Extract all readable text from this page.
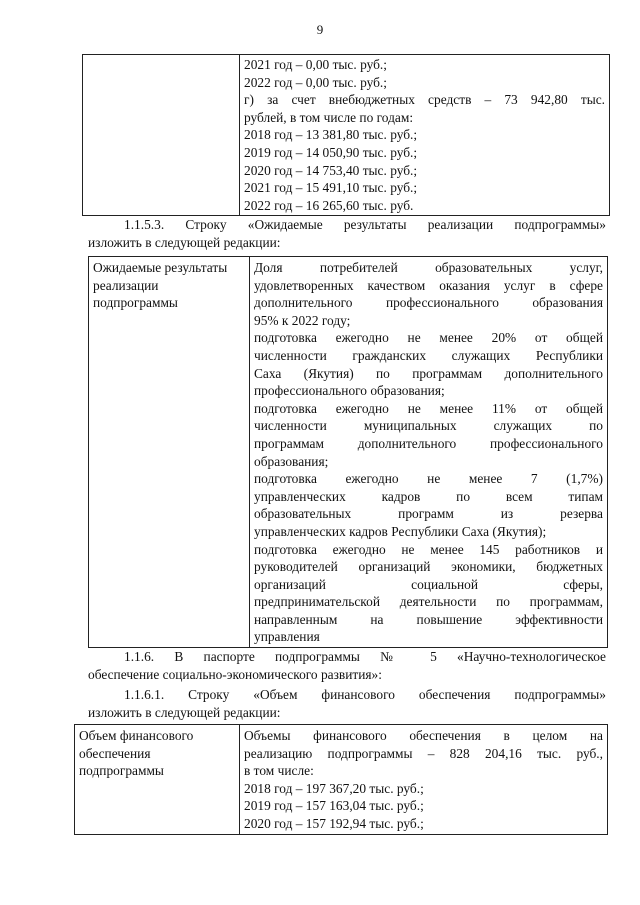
9

2021 год – 0,00 тыс. руб.;
2022 год – 0,00 тыс. руб.;
г) за счет внебюджетных средств – 73 942,80 тыс.
рублей, в том числе по годам:
2018 год – 13 381,80 тыс. руб.;
2019 год – 14 050,90 тыс. руб.;
2020 год – 14 753,40 тыс. руб.;
2021 год – 15 491,10 тыс. руб.;
2022 год – 16 265,60 тыс. руб.
1.1.5.3. Строку «Ожидаемые результаты реализации подпрограммы»
изложить в следующей редакции:
Ожидаемые результаты
реализации
подпрограммы

Доля потребителей образовательных услуг,
удовлетворенных качеством оказания услуг в сфере
дополнительного профессионального образования
95% к 2022 году;
подготовка ежегодно не менее 20% от общей
численности гражданских служащих Республики
Саха (Якутия) по программам дополнительного
профессионального образования;
подготовка ежегодно не менее 11% от общей
численности муниципальных служащих по
программам дополнительного профессионального
образования;
подготовка ежегодно не менее 7 (1,7%)
управленческих кадров по всем типам
образовательных программ из резерва
управленческих кадров Республики Саха (Якутия);
подготовка ежегодно не менее 145 работников и
руководителей организаций экономики, бюджетных
организаций социальной сферы,
предпринимательской деятельности по программам,
направленным на повышение эффективности
управления
1.1.6. В паспорте подпрограммы № 5 «Научно-технологическое
обеспечение социально-экономического развития»:
1.1.6.1. Строку «Объем финансового обеспечения подпрограммы»
изложить в следующей редакции:
Объем финансового
обеспечения
подпрограммы

Объемы финансового обеспечения в целом на
реализацию подпрограммы – 828 204,16 тыс. руб.,
в том числе:
2018 год – 197 367,20 тыс. руб.;
2019 год – 157 163,04 тыс. руб.;
2020 год – 157 192,94 тыс. руб.;
